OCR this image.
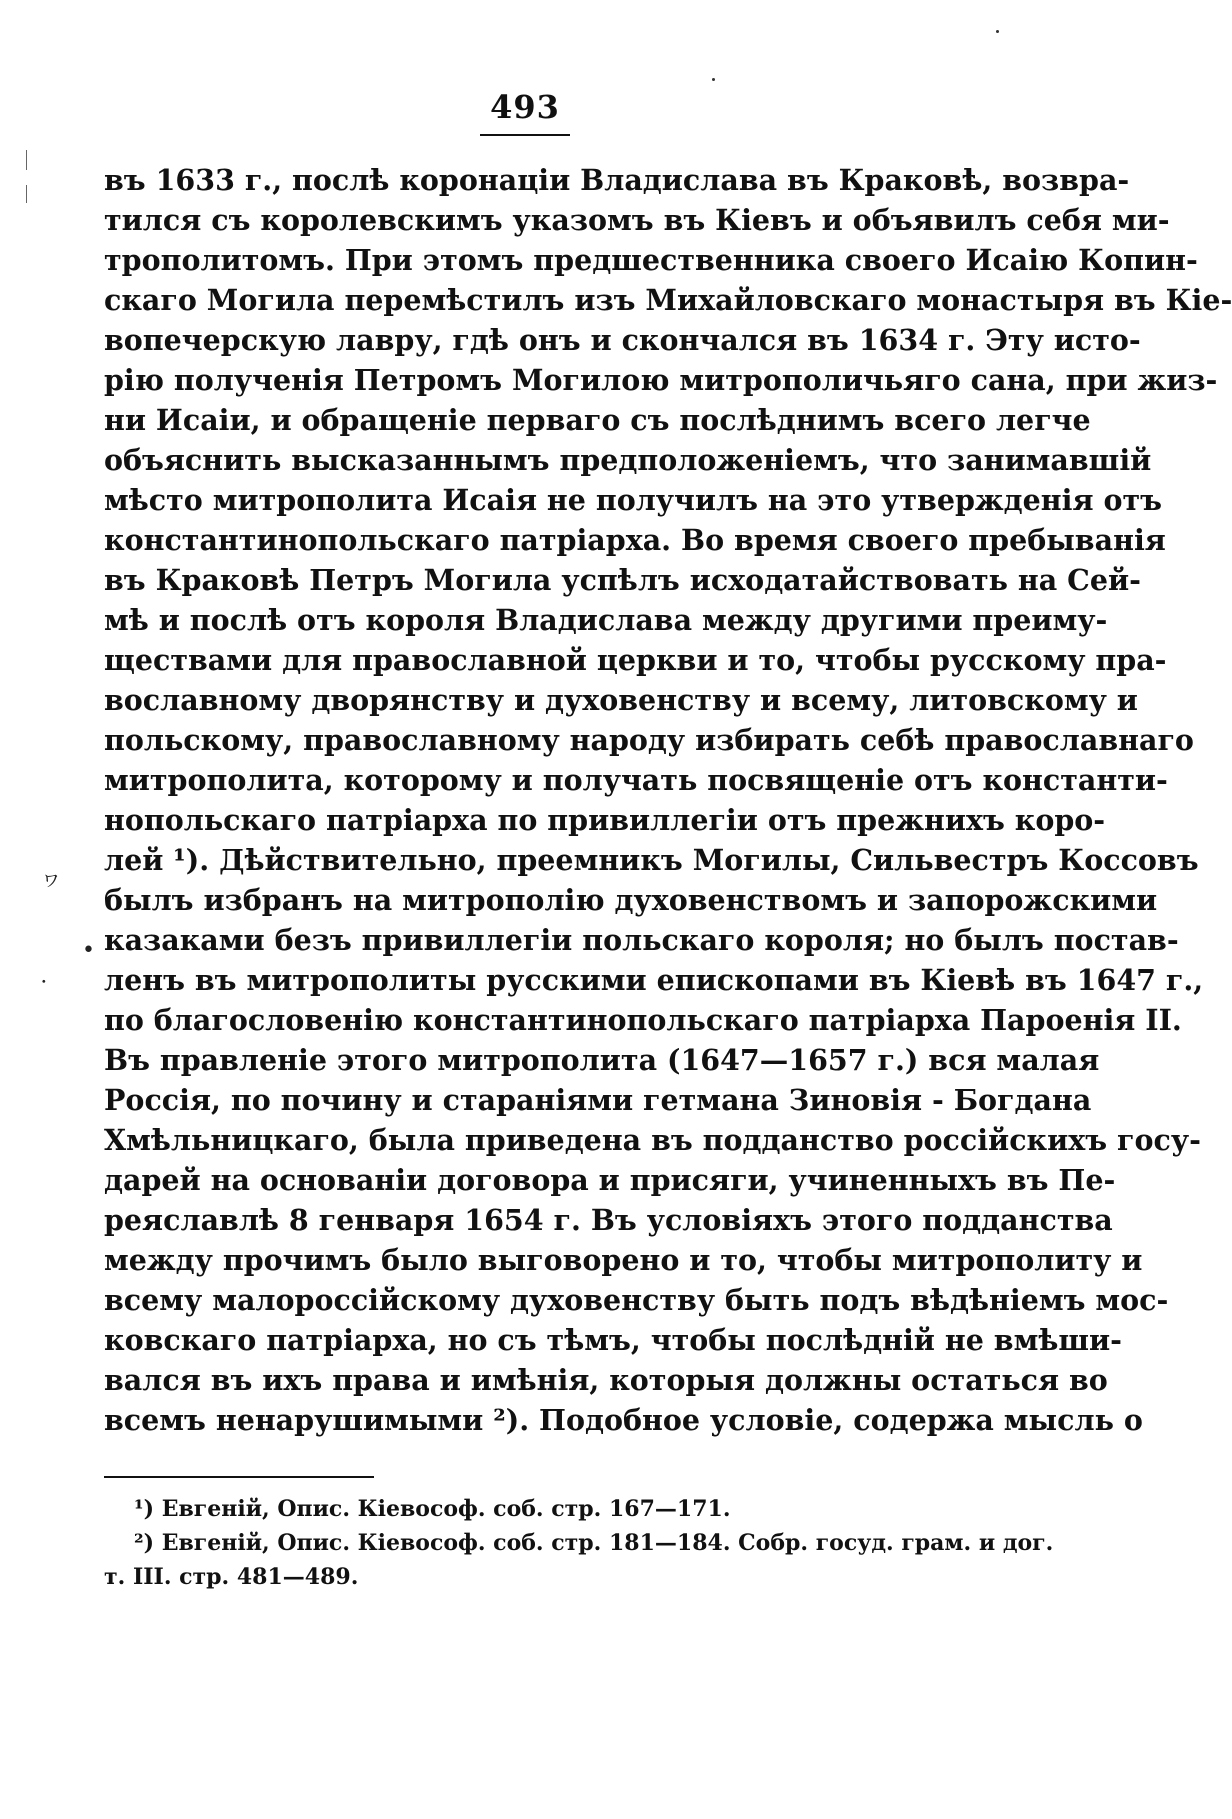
493
ヮ
•
⋅
въ 1633 г., послѣ коронаціи Владислава въ Краковѣ, возвра-
тился съ королевскимъ указомъ въ Кіевъ и объявилъ себя ми-
трополитомъ. При этомъ предшественника своего Исаію Копин-
скаго Могила перемѣстилъ изъ Михайловскаго монастыря въ Кіе-
вопечерскую лавру, гдѣ онъ и скончался въ 1634 г. Эту исто-
рію полученія Петромъ Могилою митрополичьяго сана, при жиз-
ни Исаіи, и обращеніе перваго съ послѣднимъ всего легче
объяснить высказаннымъ предположеніемъ, что занимавшій
мѣсто митрополита Исаія не получилъ на это утвержденія отъ
константинопольскаго патріарха. Во время своего пребыванія
въ Краковѣ Петръ Могила успѣлъ исходатайствовать на Сей-
мѣ и послѣ отъ короля Владислава между другими преиму-
ществами для православной церкви и то, чтобы русскому пра-
вославному дворянству и духовенству и всему, литовскому и
польскому, православному народу избирать себѣ православнаго
митрополита, которому и получать посвященіе отъ константи-
нопольскаго патріарха по привиллегіи отъ прежнихъ коро-
лей ¹). Дѣйствительно, преемникъ Могилы, Сильвестръ Коссовъ
былъ избранъ на митрополію духовенствомъ и запорожскими
казаками безъ привиллегіи польскаго короля; но былъ постав-
ленъ въ митрополиты русскими епископами въ Кіевѣ въ 1647 г.,
по благословенію константинопольскаго патріарха Пароенія II.
Въ правленіе этого митрополита (1647—1657 г.) вся малая
Россія, по почину и стараніями гетмана Зиновія - Богдана
Хмѣльницкаго, была приведена въ подданство россійскихъ госу-
дарей на основаніи договора и присяги, учиненныхъ въ Пе-
реяславлѣ 8 генваря 1654 г. Въ условіяхъ этого подданства
между прочимъ было выговорено и то, чтобы митрополиту и
всему малороссійскому духовенству быть подъ вѣдѣніемъ мос-
ковскаго патріарха, но съ тѣмъ, чтобы послѣдній не вмѣши-
вался въ ихъ права и имѣнія, которыя должны остаться во
всемъ ненарушимыми ²). Подобное условіе, содержа мысль о
¹) Евгеній, Опис. Кіевософ. соб. стр. 167—171.
²) Евгеній, Опис. Кіевософ. соб. стр. 181—184. Собр. госуд. грам. и дог.
т. III. стр. 481—489.
